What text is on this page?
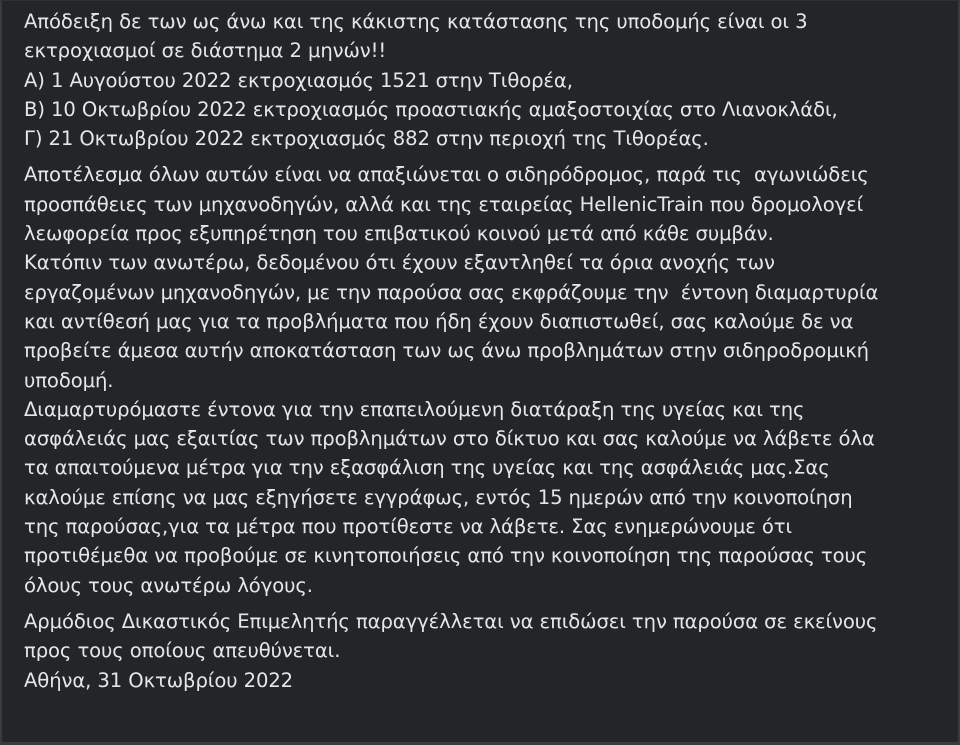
Απόδειξη δε των ως άνω και της κάκιστης κατάστασης της υποδομής είναι οι 3
εκτροχιασμοί σε διάστημα 2 μηνών!!
Α) 1 Αυγούστου 2022 εκτροχιασμός 1521 στην Τιθορέα,
Β) 10 Οκτωβρίου 2022 εκτροχιασμός προαστιακής αμαξοστοιχίας στο Λιανοκλάδι,
Γ) 21 Οκτωβρίου 2022 εκτροχιασμός 882 στην περιοχή της Τιθορέας.

Αποτέλεσμα όλων αυτών είναι να απαξιώνεται ο σιδηρόδρομος, παρά τις  αγωνιώδεις
προσπάθειες των μηχανοδηγών, αλλά και της εταιρείας HellenicTrain που δρομολογεί
λεωφορεία προς εξυπηρέτηση του επιβατικού κοινού μετά από κάθε συμβάν.
Κατόπιν των ανωτέρω, δεδομένου ότι έχουν εξαντληθεί τα όρια ανοχής των
εργαζομένων μηχανοδηγών, με την παρούσα σας εκφράζουμε την  έντονη διαμαρτυρία
και αντίθεσή μας για τα προβλήματα που ήδη έχουν διαπιστωθεί, σας καλούμε δε να
προβείτε άμεσα αυτήν αποκατάσταση των ως άνω προβλημάτων στην σιδηροδρομική
υποδομή.
Διαμαρτυρόμαστε έντονα για την επαπειλούμενη διατάραξη της υγείας και της
ασφάλειάς μας εξαιτίας των προβλημάτων στο δίκτυο και σας καλούμε να λάβετε όλα
τα απαιτούμενα μέτρα για την εξασφάλιση της υγείας και της ασφάλειάς μας.Σας
καλούμε επίσης να μας εξηγήσετε εγγράφως, εντός 15 ημερών από την κοινοποίηση
της παρούσας,για τα μέτρα που προτίθεστε να λάβετε. Σας ενημερώνουμε ότι
προτιθέμεθα να προβούμε σε κινητοποιήσεις από την κοινοποίηση της παρούσας τους
όλους τους ανωτέρω λόγους.

Αρμόδιος Δικαστικός Επιμελητής παραγγέλλεται να επιδώσει την παρούσα σε εκείνους
προς τους οποίους απευθύνεται.
Αθήνα, 31 Οκτωβρίου 2022
